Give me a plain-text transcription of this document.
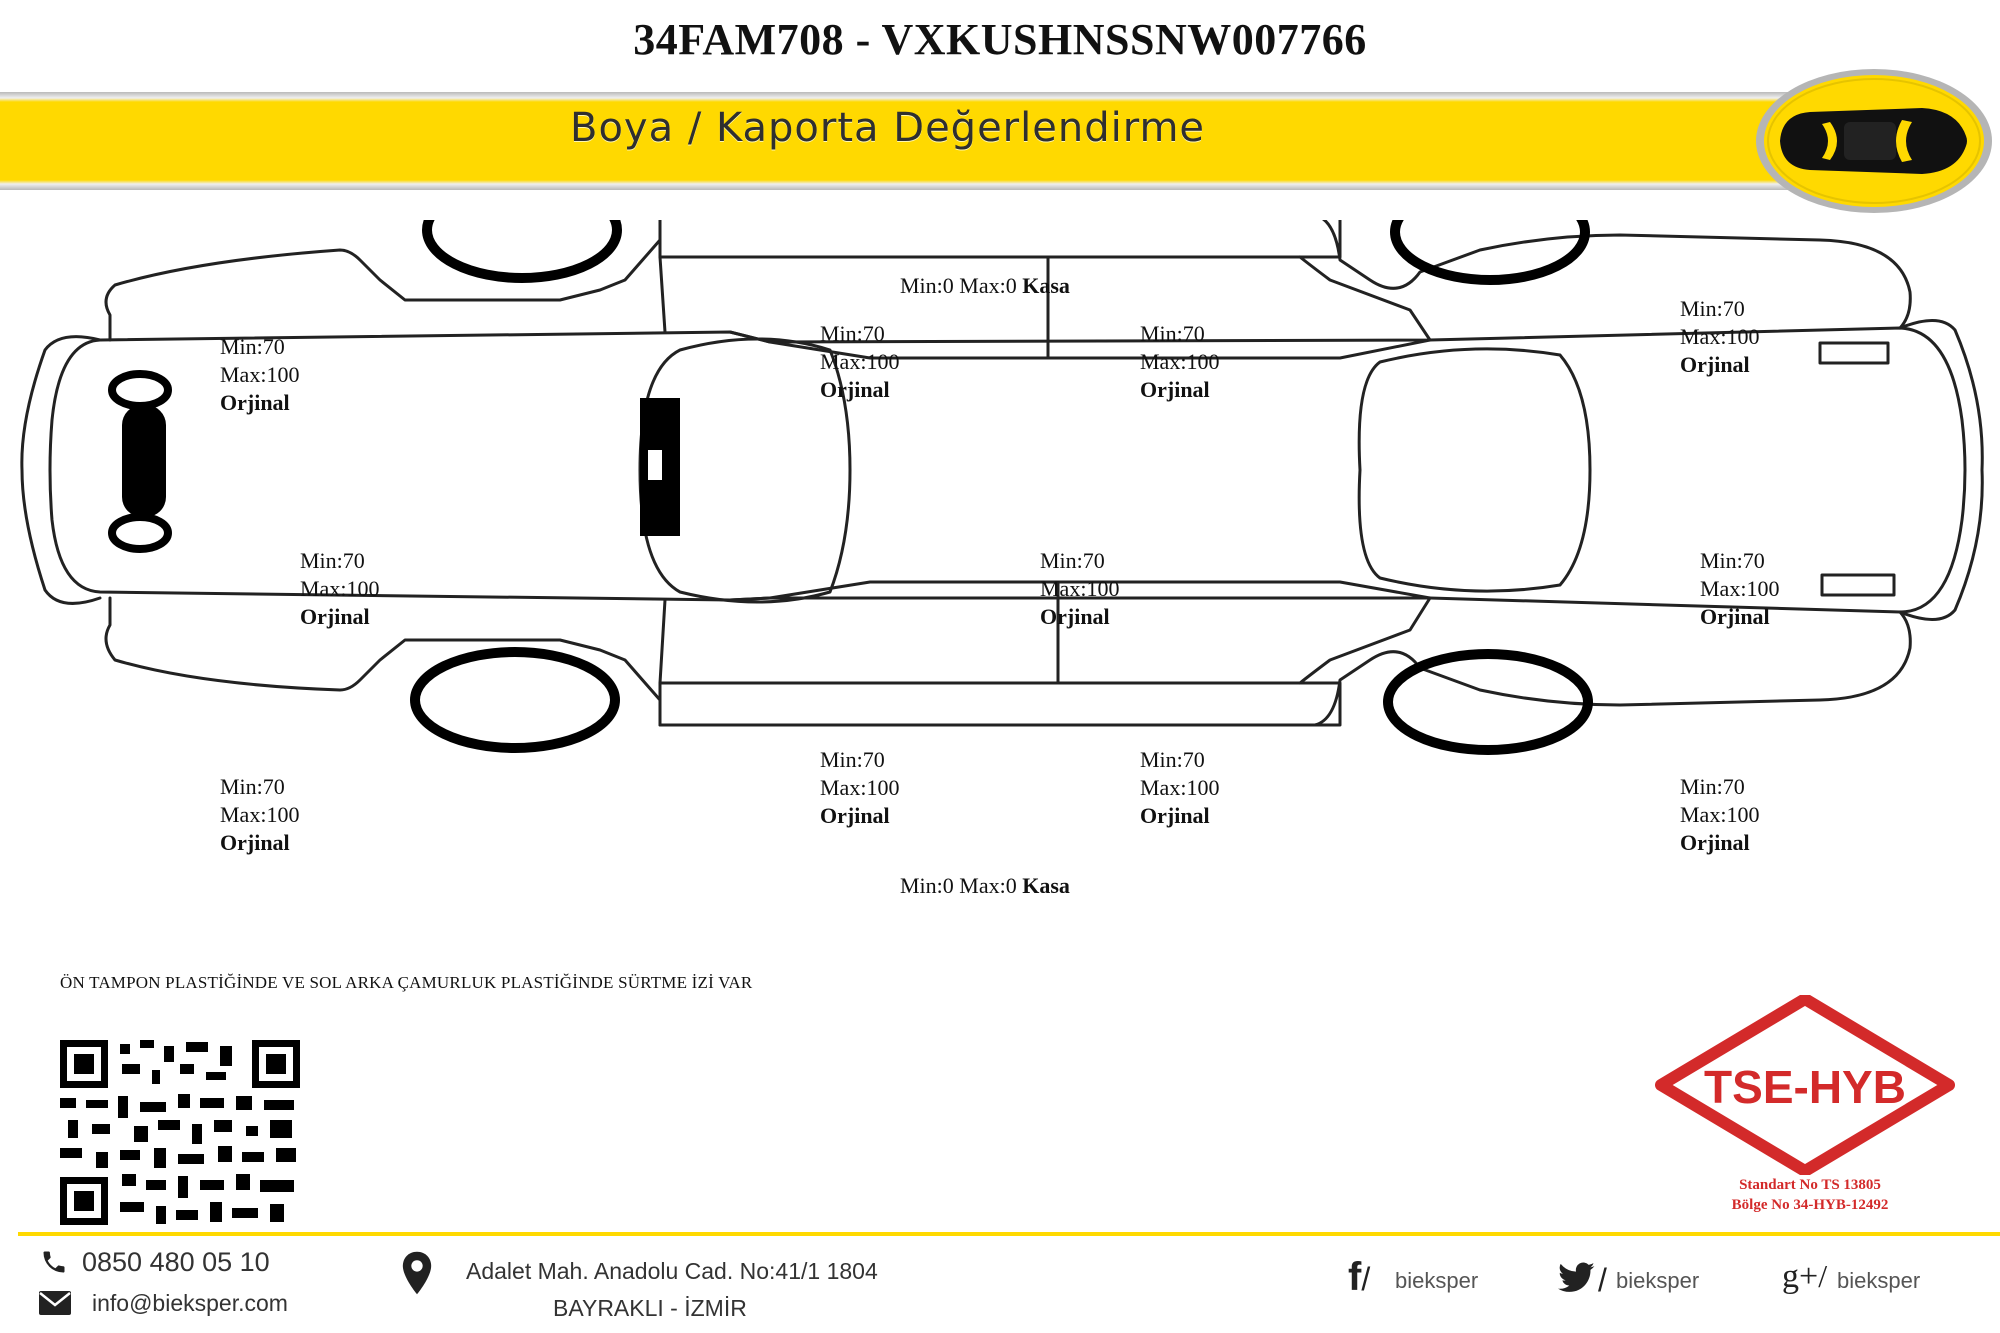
34FAM708 - VXKUSHNSSNW007766
Boya / Kaporta Değerlendirme
Min:0 Max:0 Kasa
Min:0 Max:0 Kasa
Min:70
Max:100
Orjinal
Min:70
Max:100
Orjinal
Min:70
Max:100
Orjinal
Min:70
Max:100
Orjinal
Min:70
Max:100
Orjinal
Min:70
Max:100
Orjinal
Min:70
Max:100
Orjinal
Min:70
Max:100
Orjinal
Min:70
Max:100
Orjinal
Min:70
Max:100
Orjinal
Min:70
Max:100
Orjinal
ÖN TAMPON PLASTİĞİNDE VE SOL ARKA ÇAMURLUK PLASTİĞİNDE SÜRTME İZİ VAR
TSE-HYB
Standart No TS 13805
Bölge No 34-HYB-12492
0850 480 05 10
info@bieksper.com
Adalet Mah. Anadolu Cad. No:41/1 1804
BAYRAKLI - İZMİR
f/ bieksper	/ bieksper g+/ bieksper
